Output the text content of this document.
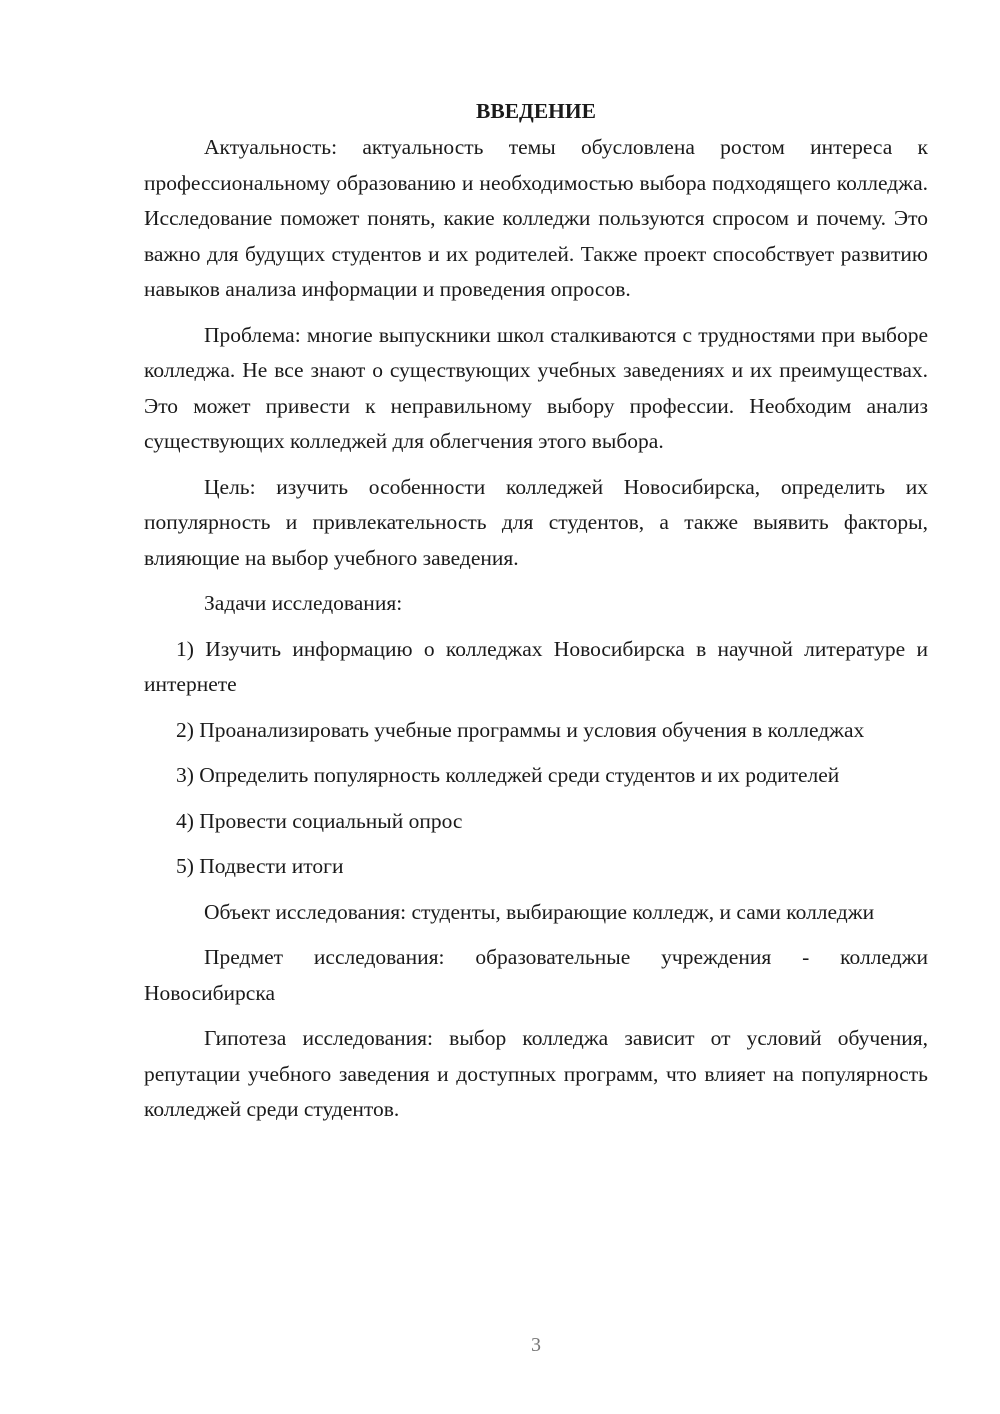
ВВЕДЕНИЕ

Актуальность: актуальность темы обусловлена ростом интереса к профессиональному образованию и необходимостью выбора подходящего колледжа. Исследование поможет понять, какие колледжи пользуются спросом и почему. Это важно для будущих студентов и их родителей. Также проект способствует развитию навыков анализа информации и проведения опросов.

Проблема: многие выпускники школ сталкиваются с трудностями при выборе колледжа. Не все знают о существующих учебных заведениях и их преимуществах. Это может привести к неправильному выбору профессии. Необходим анализ существующих колледжей для облегчения этого выбора.

Цель: изучить особенности колледжей Новосибирска, определить их популярность и привлекательность для студентов, а также выявить факторы, влияющие на выбор учебного заведения.

Задачи исследования:

1) Изучить информацию о колледжах Новосибирска в научной литературе и интернете

2) Проанализировать учебные программы и условия обучения в колледжах

3) Определить популярность колледжей среди студентов и их родителей

4) Провести социальный опрос

5) Подвести итоги

Объект исследования: студенты, выбирающие колледж, и сами колледжи

Предмет исследования: образовательные учреждения - колледжи Новосибирска

Гипотеза исследования: выбор колледжа зависит от условий обучения, репутации учебного заведения и доступных программ, что влияет на популярность колледжей среди студентов.

3
